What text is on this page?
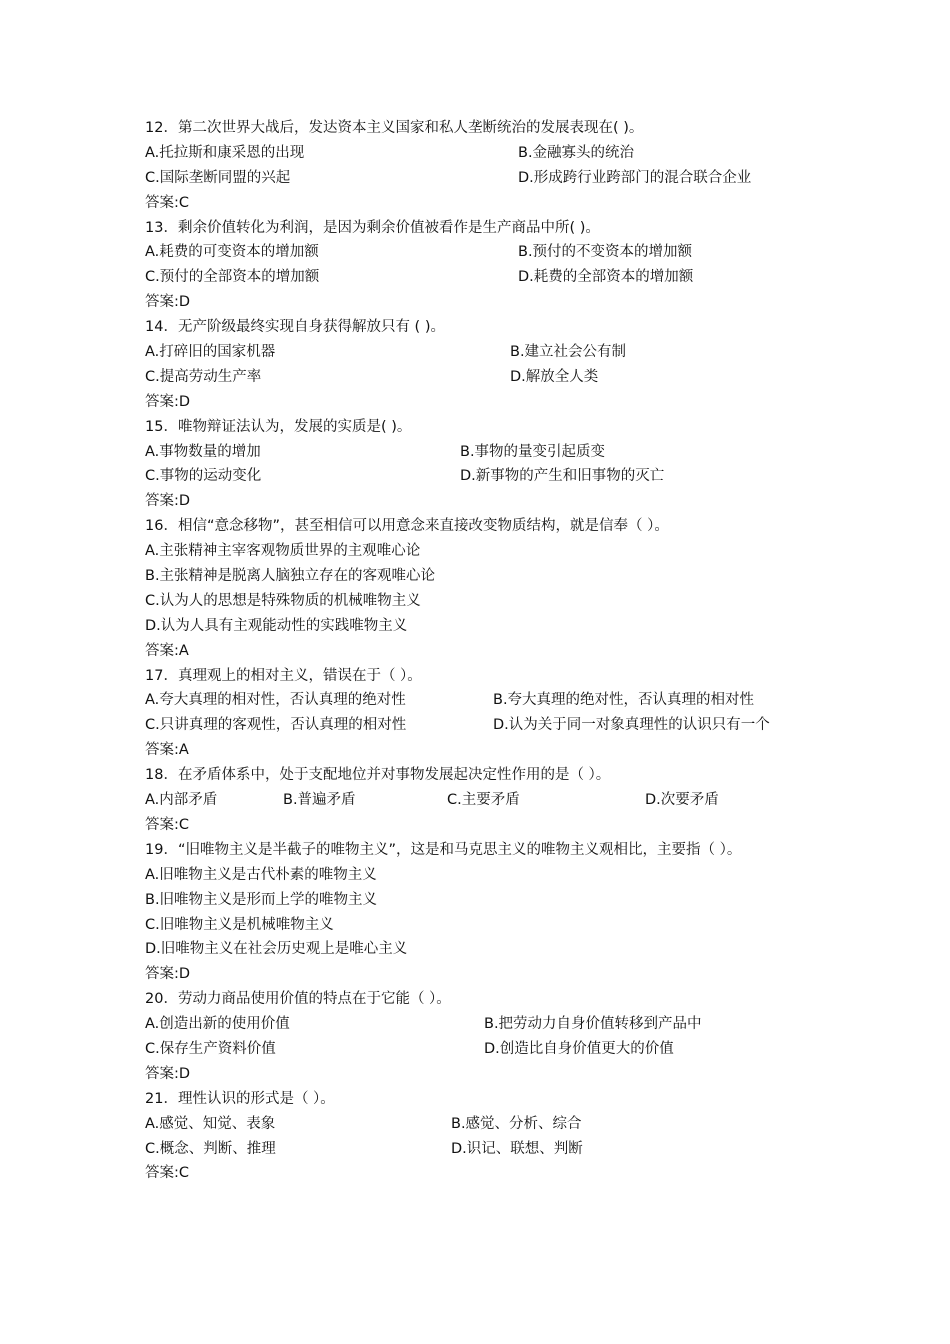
12．第二次世界大战后，发达资本主义国家和私人垄断统治的发展表现在( )。
A.托拉斯和康采恩的出现	B.金融寡头的统治
C.国际垄断同盟的兴起	D.形成跨行业跨部门的混合联合企业
答案:C
13．剩余价值转化为利润，是因为剩余价值被看作是生产商品中所( )。
A.耗费的可变资本的增加额	B.预付的不变资本的增加额
C.预付的全部资本的增加额	D.耗费的全部资本的增加额
答案:D
14．无产阶级最终实现自身获得解放只有 ( )。
A.打碎旧的国家机器	B.建立社会公有制
C.提高劳动生产率	D.解放全人类
答案:D
15．唯物辩证法认为，发展的实质是( )。
A.事物数量的增加	B.事物的量变引起质变
C.事物的运动变化	D.新事物的产生和旧事物的灭亡
答案:D
16．相信“意念移物”，甚至相信可以用意念来直接改变物质结构，就是信奉（ ）。
A.主张精神主宰客观物质世界的主观唯心论
B.主张精神是脱离人脑独立存在的客观唯心论
C.认为人的思想是特殊物质的机械唯物主义
D.认为人具有主观能动性的实践唯物主义
答案:A
17．真理观上的相对主义，错误在于（ ）。
A.夸大真理的相对性，否认真理的绝对性	B.夸大真理的绝对性，否认真理的相对性
C.只讲真理的客观性，否认真理的相对性	D.认为关于同一对象真理性的认识只有一个
答案:A
18．在矛盾体系中，处于支配地位并对事物发展起决定性作用的是（ ）。
A.内部矛盾	B.普遍矛盾	C.主要矛盾	D.次要矛盾
答案:C
19．“旧唯物主义是半截子的唯物主义”，这是和马克思主义的唯物主义观相比，主要指（ ）。
A.旧唯物主义是古代朴素的唯物主义
B.旧唯物主义是形而上学的唯物主义
C.旧唯物主义是机械唯物主义
D.旧唯物主义在社会历史观上是唯心主义
答案:D
20．劳动力商品使用价值的特点在于它能（ ）。
A.创造出新的使用价值	B.把劳动力自身价值转移到产品中
C.保存生产资料价值	D.创造比自身价值更大的价值
答案:D
21．理性认识的形式是（ ）。
A.感觉、知觉、表象	B.感觉、分析、综合
C.概念、判断、推理	D.识记、联想、判断
答案:C
